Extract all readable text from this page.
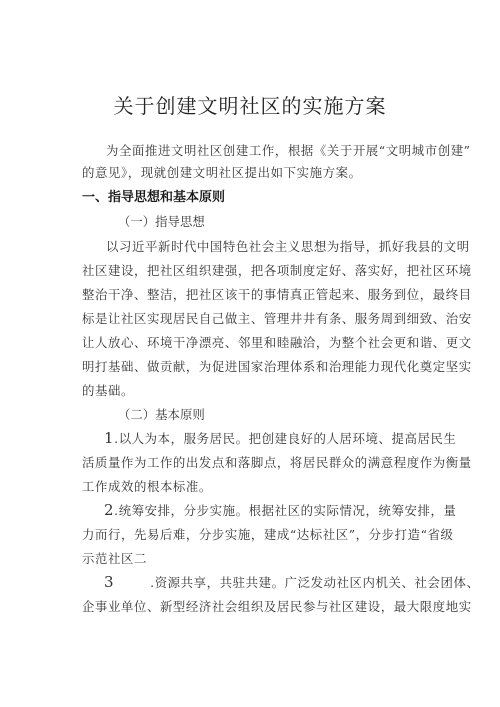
关于创建文明社区的实施方案
为全面推进文明社区创建工作，根据《关于开展“文明城市创建”
的意见》，现就创建文明社区提出如下实施方案。
一、指导思想和基本原则
（一）指导思想
以习近平新时代中国特色社会主义思想为指导，抓好我县的文明
社区建设，把社区组织建强，把各项制度定好、落实好，把社区环境
整治干净、整洁，把社区该干的事情真正管起来、服务到位，最终目
标是让社区实现居民自己做主、管理井井有条、服务周到细致、治安
让人放心、环境干净漂亮、邻里和睦融洽，为整个社会更和谐、更文
明打基础、做贡献，为促进国家治理体系和治理能力现代化奠定坚实
的基础。
（二）基本原则
1.以人为本，服务居民。把创建良好的人居环境、提高居民生
活质量作为工作的出发点和落脚点，将居民群众的满意程度作为衡量
工作成效的根本标准。
2.统筹安排，分步实施。根据社区的实际情况，统筹安排，量
力而行，先易后难，分步实施，建成“达标社区”，分步打造“省级
示范社区二
3	.资源共享，共驻共建。广泛发动社区内机关、社会团体、
企事业单位、新型经济社会组织及居民参与社区建设，最大限度地实
